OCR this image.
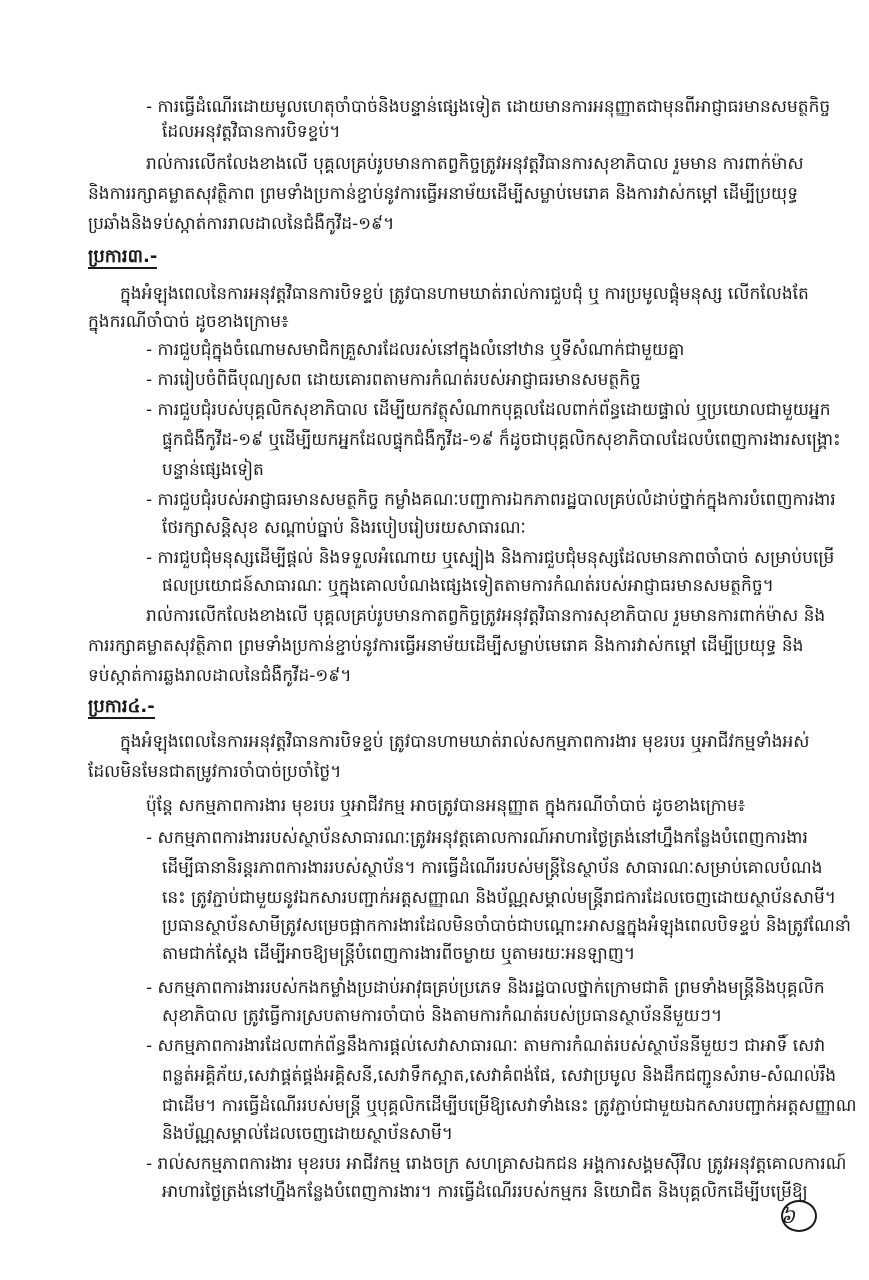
- ការធ្វើដំណើរដោយមូលហេតុចាំបាច់និងបន្ទាន់ផ្សេងទៀត ដោយមានការអនុញ្ញាតជាមុនពីអាជ្ញាធរមានសមត្ថកិច្ច
ដែលអនុវត្តវិធានការបិទខ្ទប់។
រាល់ការលើកលែងខាងលើ បុគ្គលគ្រប់រូបមានកាតព្វកិច្ចត្រូវអនុវត្តវិធានការសុខាភិបាល រួមមាន ការពាក់ម៉ាស
និងការរក្សាគម្លាតសុវត្ថិភាព ព្រមទាំងប្រកាន់ខ្ជាប់នូវការធ្វើអនាម័យដើម្បីសម្លាប់មេរោគ និងការវាស់កម្ដៅ ដើម្បីប្រយុទ្ធ
ប្រឆាំងនិងទប់ស្កាត់ការរាលដាលនៃជំងឺកូវីដ-១៩។
ប្រការ៣.-
ក្នុងអំឡុងពេលនៃការអនុវត្តវិធានការបិទខ្ទប់ ត្រូវបានហាមឃាត់រាល់ការជួបជុំ ឬ ការប្រមូលផ្តុំមនុស្ស លើកលែងតែ
ក្នុងករណីចាំបាច់ ដូចខាងក្រោម៖
- ការជួបជុំក្នុងចំណោមសមាជិកគ្រួសារដែលរស់នៅក្នុងលំនៅឋាន ឬទីសំណាក់ជាមួយគ្នា
- ការរៀបចំពិធីបុណ្យសព ដោយគោរពតាមការកំណត់របស់អាជ្ញាធរមានសមត្ថកិច្ច
- ការជួបជុំរបស់បុគ្គលិកសុខាភិបាល ដើម្បីយកវត្ថុសំណាកបុគ្គលដែលពាក់ព័ន្ធដោយផ្ទាល់ ឬប្រយោលជាមួយអ្នក
ផ្ទុកជំងឺកូវីដ-១៩ ឬដើម្បីយកអ្នកដែលផ្ទុកជំងឺកូវីដ-១៩ ក៏ដូចជាបុគ្គលិកសុខាភិបាលដែលបំពេញការងារសង្គ្រោះ
បន្ទាន់ផ្សេងទៀត
- ការជួបជុំរបស់អាជ្ញាធរមានសមត្ថកិច្ច កម្លាំងគណៈបញ្ជាការឯកភាពរដ្ឋបាលគ្រប់លំដាប់ថ្នាក់ក្នុងការបំពេញការងារ
ថែរក្សាសន្តិសុខ សណ្តាប់ធ្នាប់ និងរបៀបរៀបរយសាធារណៈ
- ការជួបជុំមនុស្សដើម្បីផ្តល់ និងទទួលអំណោយ ឬស្បៀង និងការជួបជុំមនុស្សដែលមានភាពចាំបាច់ សម្រាប់បម្រើ
ផលប្រយោជន៍សាធារណៈ ឬក្នុងគោលបំណងផ្សេងទៀតតាមការកំណត់របស់អាជ្ញាធរមានសមត្ថកិច្ច។
រាល់ការលើកលែងខាងលើ បុគ្គលគ្រប់រូបមានកាតព្វកិច្ចត្រូវអនុវត្តវិធានការសុខាភិបាល រួមមានការពាក់ម៉ាស និង
ការរក្សាគម្លាតសុវត្ថិភាព ព្រមទាំងប្រកាន់ខ្ជាប់នូវការធ្វើអនាម័យដើម្បីសម្លាប់មេរោគ និងការវាស់កម្ដៅ ដើម្បីប្រយុទ្ធ និង
ទប់ស្កាត់ការឆ្លងរាលដាលនៃជំងឺកូវីដ-១៩។
ប្រការ៤.-
ក្នុងអំឡុងពេលនៃការអនុវត្តវិធានការបិទខ្ទប់ ត្រូវបានហាមឃាត់រាល់សកម្មភាពការងារ មុខរបរ ឬអាជីវកម្មទាំងអស់
ដែលមិនមែនជាតម្រូវការចាំបាច់ប្រចាំថ្ងៃ។
ប៉ុន្តែ សកម្មភាពការងារ មុខរបរ ឬអាជីវកម្ម អាចត្រូវបានអនុញ្ញាត ក្នុងករណីចាំបាច់ ដូចខាងក្រោម៖
- សកម្មភាពការងាររបស់ស្ថាប័នសាធារណៈត្រូវអនុវត្តគោលការណ៍អាហារថ្ងៃត្រង់នៅហ្នឹងកន្លែងបំពេញការងារ
ដើម្បីធានានិរន្តរភាពការងាររបស់ស្ថាប័ន។ ការធ្វើដំណើររបស់មន្ត្រីនៃស្ថាប័ន សាធារណៈសម្រាប់គោលបំណង
នេះ ត្រូវភ្ជាប់ជាមួយនូវឯកសារបញ្ជាក់អត្តសញ្ញាណ និងប័ណ្ណសម្គាល់មន្ត្រីរាជការដែលចេញដោយស្ថាប័នសាមី។
ប្រធានស្ថាប័នសាមីត្រូវសម្រេចផ្អាកការងារដែលមិនចាំបាច់ជាបណ្តោះអាសន្នក្នុងអំឡុងពេលបិទខ្ទប់ និងត្រូវណែនាំ
តាមជាក់ស្តែង ដើម្បីអាចឱ្យមន្ត្រីបំពេញការងារពីចម្ងាយ ឬតាមរយៈអនឡាញ។
- សកម្មភាពការងាររបស់កងកម្លាំងប្រដាប់អាវុធគ្រប់ប្រភេទ និងរដ្ឋបាលថ្នាក់ក្រោមជាតិ ព្រមទាំងមន្ត្រីនិងបុគ្គលិក
សុខាភិបាល ត្រូវធ្វើការស្របតាមការចាំបាច់ និងតាមការកំណត់របស់ប្រធានស្ថាប័ននីមួយៗ។
- សកម្មភាពការងារដែលពាក់ព័ន្ធនឹងការផ្តល់សេវាសាធារណៈ តាមការកំណត់របស់ស្ថាប័ននីមួយៗ ជាអាទិ៍ សេវា
ពន្លត់អគ្គិភ័យ,សេវាផ្គត់ផ្គង់អគ្គិសនី,សេវាទឹកស្អាត,សេវាគំពង់ផែ, សេវាប្រមូល និងដឹកជញ្ជូនសំរាម-សំណល់រឹង
ជាដើម។ ការធ្វើដំណើររបស់មន្ត្រី ឬបុគ្គលិកដើម្បីបម្រើឱ្យសេវាទាំងនេះ ត្រូវភ្ជាប់ជាមួយឯកសារបញ្ជាក់អត្តសញ្ញាណ
និងប័ណ្ណសម្គាល់ដែលចេញដោយស្ថាប័នសាមី។
- រាល់សកម្មភាពការងារ មុខរបរ អាជីវកម្ម រោងចក្រ សហគ្រាសឯកជន អង្គការសង្គមស៊ីវិល ត្រូវអនុវត្តគោលការណ៍
អាហារថ្ងៃត្រង់នៅហ្នឹងកន្លែងបំពេញការងារ។ ការធ្វើដំណើររបស់កម្មករ និយោជិត និងបុគ្គលិកដើម្បីបម្រើឱ្យ
៦
